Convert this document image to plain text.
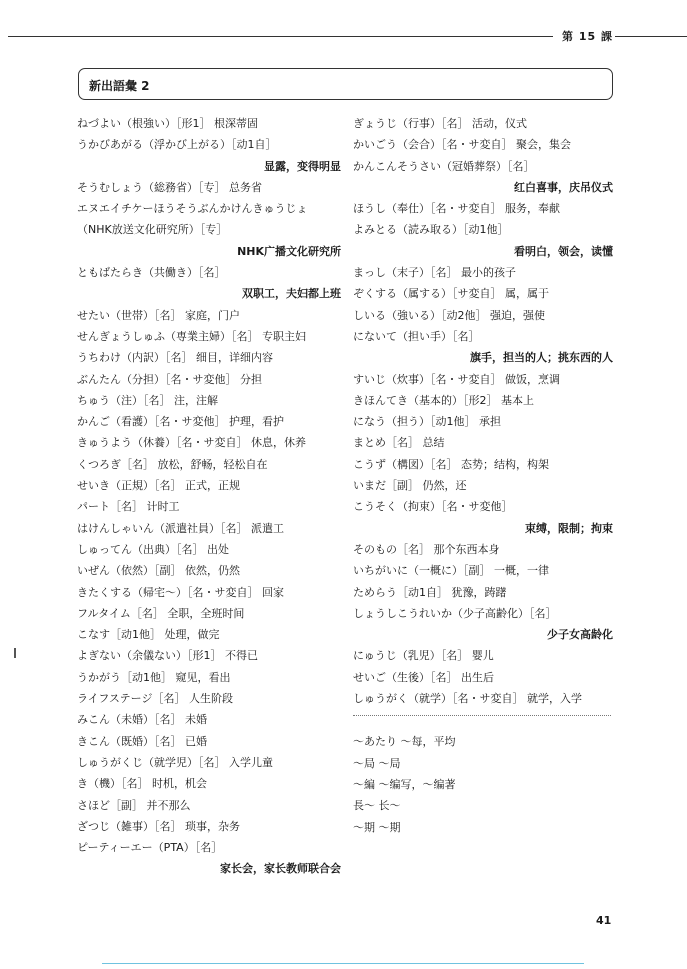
第 15 課
新出語彙 2
ねづよい（根強い）［形1］ 根深蒂固
うかびあがる（浮かび上がる）［动1自］
显露，变得明显
そうむしょう（総務省）［专］ 总务省
エヌエイチケーほうそうぶんかけんきゅうじょ
（NHK放送文化研究所）［专］
NHK广播文化研究所
ともばたらき（共働き）［名］
双职工，夫妇都上班
せたい（世帯）［名］ 家庭，门户
せんぎょうしゅふ（専業主婦）［名］ 专职主妇
うちわけ（内訳）［名］ 细目，详细内容
ぶんたん（分担）［名・サ変他］ 分担
ちゅう（注）［名］ 注，注解
かんご（看護）［名・サ変他］ 护理，看护
きゅうよう（休養）［名・サ変自］ 休息，休养
くつろぎ［名］ 放松，舒畅，轻松自在
せいき（正規）［名］ 正式，正规
パート［名］ 计时工
はけんしゃいん（派遣社員）［名］ 派遣工
しゅってん（出典）［名］ 出处
いぜん（依然）［副］ 依然，仍然
きたくする（帰宅〜）［名・サ変自］ 回家
フルタイム［名］ 全职，全班时间
こなす［动1他］ 处理，做完
よぎない（余儀ない）［形1］ 不得已
うかがう［动1他］ 窥见，看出
ライフステージ［名］ 人生阶段
みこん（未婚）［名］ 未婚
きこん（既婚）［名］ 已婚
しゅうがくじ（就学児）［名］ 入学儿童
き（機）［名］ 时机，机会
さほど［副］ 并不那么
ざつじ（雑事）［名］ 琐事，杂务
ピーティーエー（PTA）［名］
家长会，家长教师联合会
ぎょうじ（行事）［名］ 活动，仪式
かいごう（会合）［名・サ変自］ 聚会，集会
かんこんそうさい（冠婚葬祭）［名］
红白喜事，庆吊仪式
ほうし（奉仕）［名・サ変自］ 服务，奉献
よみとる（読み取る）［动1他］
看明白，领会，读懂
まっし（末子）［名］ 最小的孩子
ぞくする（属する）［サ変自］ 属，属于
しいる（強いる）［动2他］ 强迫，强使
にないて（担い手）［名］
旗手，担当的人；挑东西的人
すいじ（炊事）［名・サ変自］ 做饭，烹调
きほんてき（基本的）［形2］ 基本上
になう（担う）［动1他］ 承担
まとめ［名］ 总结
こうず（構図）［名］ 态势；结构，构架
いまだ［副］ 仍然，还
こうそく（拘束）［名・サ変他］
束缚，限制；拘束
そのもの［名］ 那个东西本身
いちがいに（一概に）［副］ 一概，一律
ためらう［动1自］ 犹豫，踌躇
しょうしこうれいか（少子高齢化）［名］
少子女高龄化
にゅうじ（乳児）［名］ 婴儿
せいご（生後）［名］ 出生后
しゅうがく（就学）［名・サ変自］ 就学，入学
〜あたり 〜每，平均
〜局 〜局
〜編 〜编写，〜编著
長〜 长〜
〜期 〜期
41
